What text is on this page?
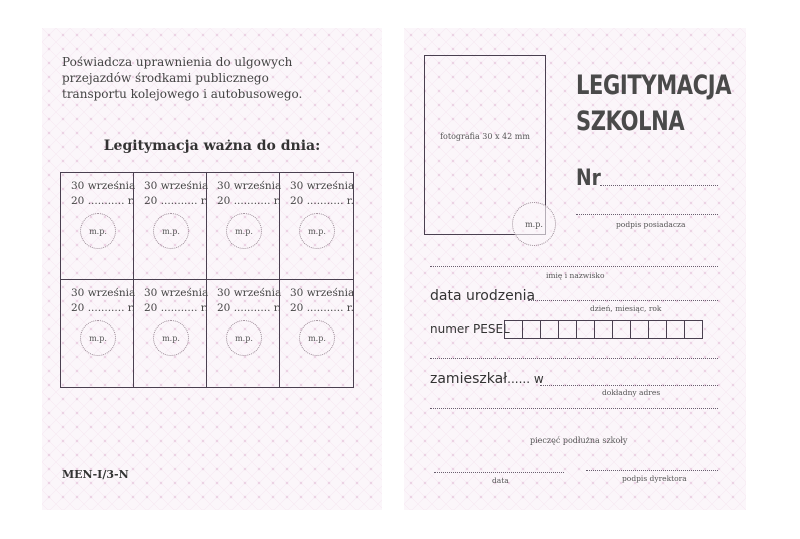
Poświadcza uprawnienia do ulgowych
przejazdów środkami publicznego
transportu kolejowego i autobusowego.
Legitymacja ważna do dnia:
30 września
20 ........... r.
m.p.
30 września
20 ........... r.
m.p.
30 września
20 ........... r.
m.p.
30 września
20 ........... r.
m.p.
30 września
20 ........... r.
m.p.
30 września
20 ........... r.
m.p.
30 września
20 ........... r.
m.p.
30 września
20 ........... r.
m.p.
MEN-I/3-N
fotografia 30 x 42 mm
m.p.
LEGITYMACJA
SZKOLNA
Nr
podpis posiadacza
imię i nazwisko
data urodzenia
dzień, miesiąc, rok
numer PESEL
zamieszkał...... w
dokładny adres
pieczęć podłużna szkoły
data	podpis dyrektora
